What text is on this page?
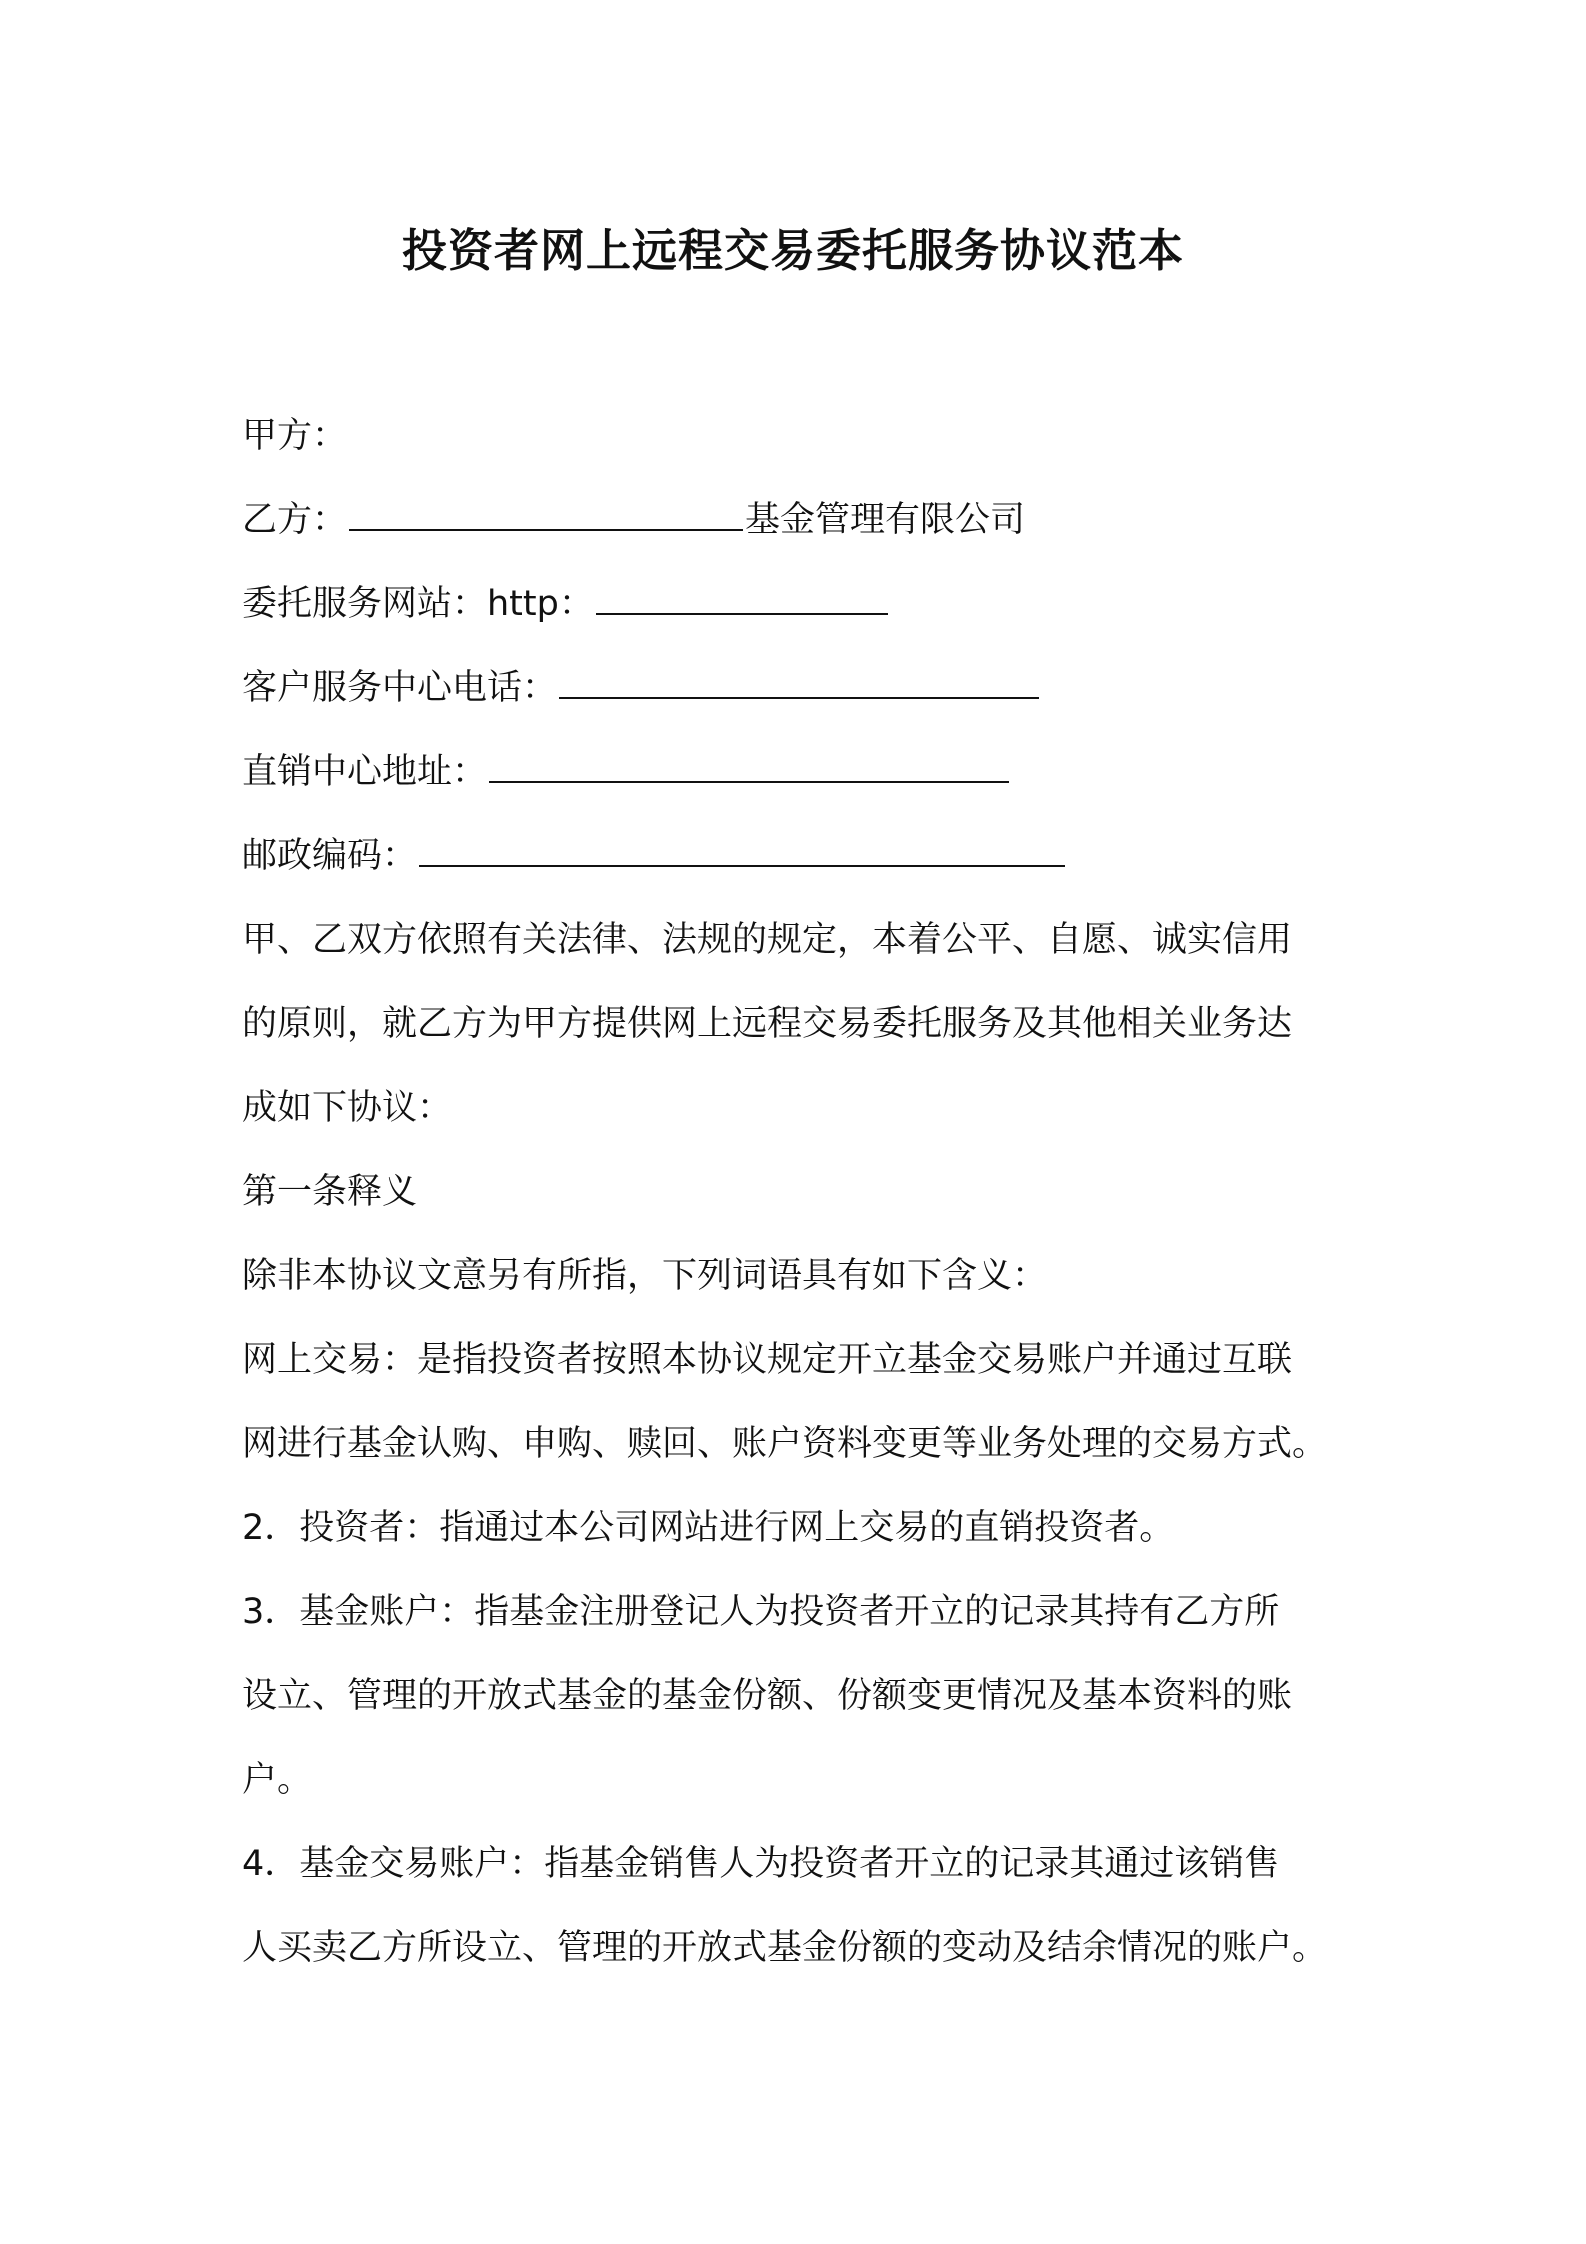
投资者网上远程交易委托服务协议范本
甲方：
乙方：	基金管理有限公司
委托服务网站：http：
客户服务中心电话：
直销中心地址：
邮政编码：
甲、乙双方依照有关法律、法规的规定，本着公平、自愿、诚实信用
的原则，就乙方为甲方提供网上远程交易委托服务及其他相关业务达
成如下协议：
第一条释义
除非本协议文意另有所指，下列词语具有如下含义：
网上交易：是指投资者按照本协议规定开立基金交易账户并通过互联
网进行基金认购、申购、赎回、账户资料变更等业务处理的交易方式。
2．投资者：指通过本公司网站进行网上交易的直销投资者。
3．基金账户：指基金注册登记人为投资者开立的记录其持有乙方所
设立、管理的开放式基金的基金份额、份额变更情况及基本资料的账
户。
4．基金交易账户：指基金销售人为投资者开立的记录其通过该销售
人买卖乙方所设立、管理的开放式基金份额的变动及结余情况的账户。
